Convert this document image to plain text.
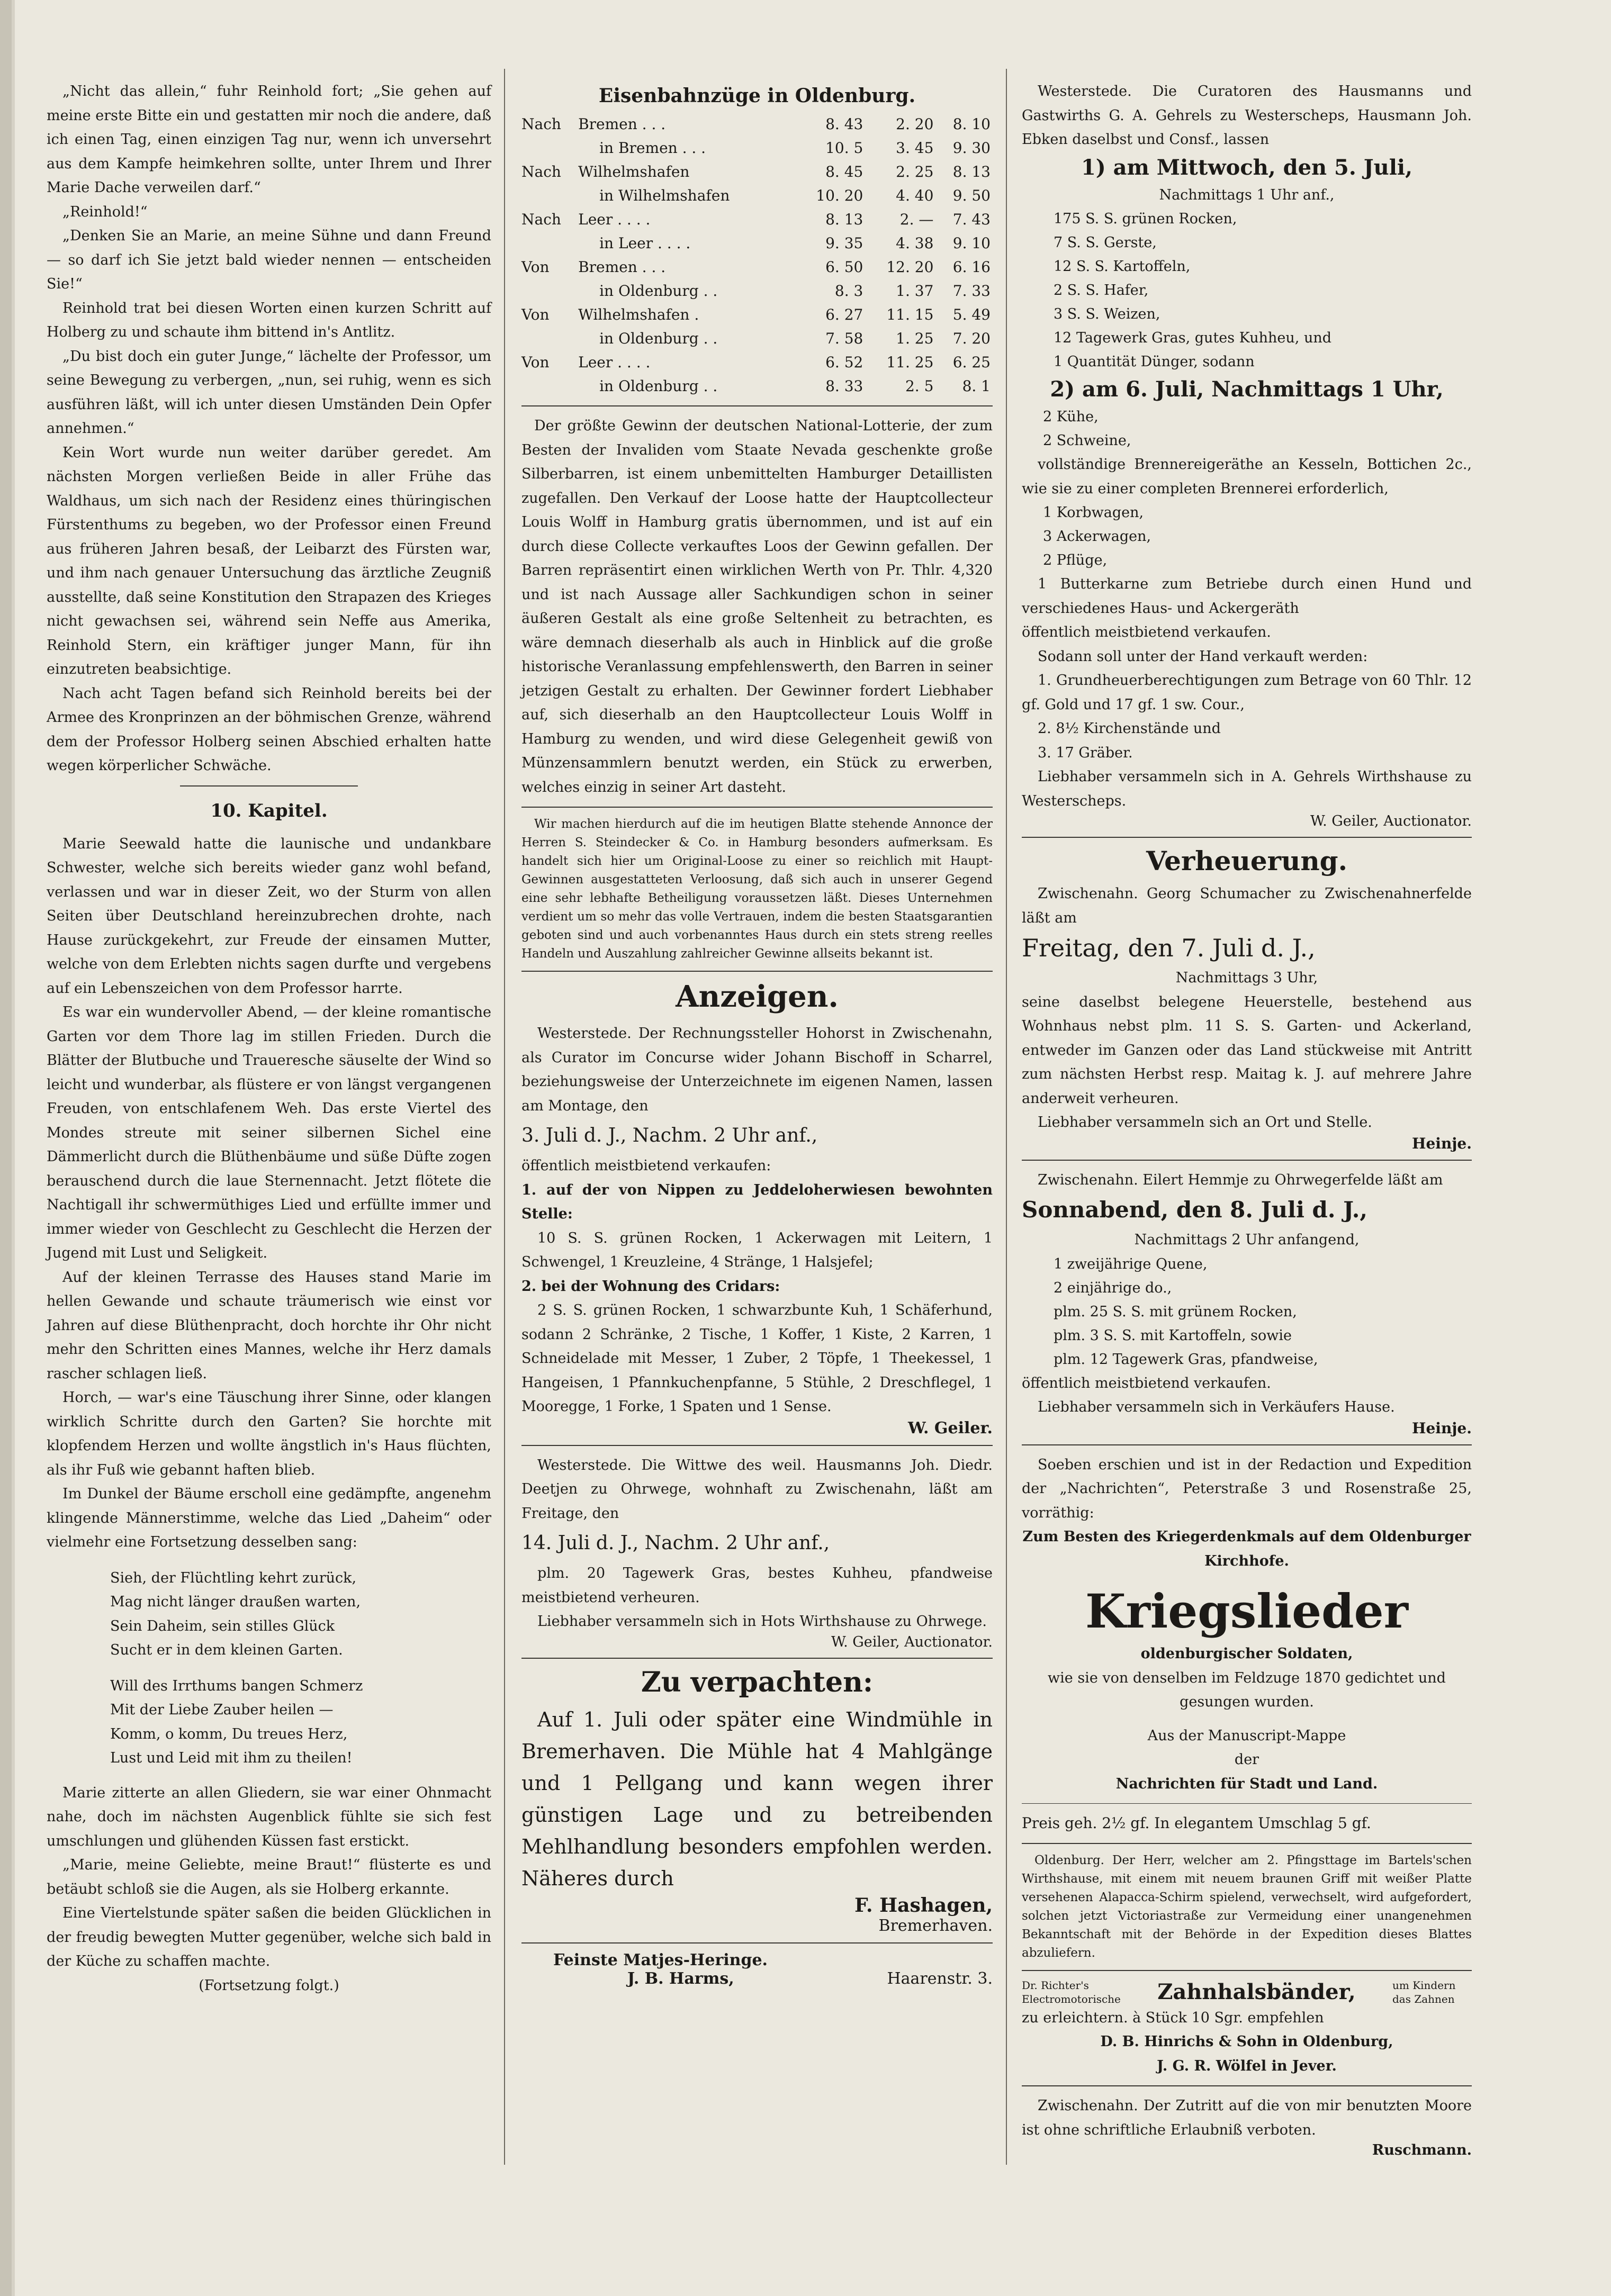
„Nicht das allein,“ fuhr Reinhold fort; „Sie gehen auf meine erste Bitte ein und gestatten mir noch die andere, daß ich einen Tag, einen einzigen Tag nur, wenn ich unversehrt aus dem Kampfe heimkehren sollte, unter Ihrem und Ihrer Marie Dache verweilen darf.“

„Reinhold!“

„Denken Sie an Marie, an meine Sühne und dann Freund — so darf ich Sie jetzt bald wieder nennen — entscheiden Sie!“

Reinhold trat bei diesen Worten einen kurzen Schritt auf Holberg zu und schaute ihm bittend in's Antlitz.

„Du bist doch ein guter Junge,“ lächelte der Professor, um seine Bewegung zu verbergen, „nun, sei ruhig, wenn es sich ausführen läßt, will ich unter diesen Umständen Dein Opfer annehmen.“

Kein Wort wurde nun weiter darüber geredet. Am nächsten Morgen verließen Beide in aller Frühe das Waldhaus, um sich nach der Residenz eines thüringischen Fürstenthums zu begeben, wo der Professor einen Freund aus früheren Jahren besaß, der Leibarzt des Fürsten war, und ihm nach genauer Untersuchung das ärztliche Zeugniß ausstellte, daß seine Konstitution den Strapazen des Krieges nicht gewachsen sei, während sein Neffe aus Amerika, Reinhold Stern, ein kräftiger junger Mann, für ihn einzutreten beabsichtige.

Nach acht Tagen befand sich Reinhold bereits bei der Armee des Kronprinzen an der böhmischen Grenze, während dem der Professor Holberg seinen Abschied erhalten hatte wegen körperlicher Schwäche.

10. Kapitel.

Marie Seewald hatte die launische und undankbare Schwester, welche sich bereits wieder ganz wohl befand, verlassen und war in dieser Zeit, wo der Sturm von allen Seiten über Deutschland hereinzubrechen drohte, nach Hause zurückgekehrt, zur Freude der einsamen Mutter, welche von dem Erlebten nichts sagen durfte und vergebens auf ein Lebenszeichen von dem Professor harrte.

Es war ein wundervoller Abend, — der kleine romantische Garten vor dem Thore lag im stillen Frieden. Durch die Blätter der Blutbuche und Traueresche säuselte der Wind so leicht und wunderbar, als flüstere er von längst vergangenen Freuden, von entschlafenem Weh. Das erste Viertel des Mondes streute mit seiner silbernen Sichel eine Dämmerlicht durch die Blüthenbäume und süße Düfte zogen berauschend durch die laue Sternennacht. Jetzt flötete die Nachtigall ihr schwermüthiges Lied und erfüllte immer und immer wieder von Geschlecht zu Geschlecht die Herzen der Jugend mit Lust und Seligkeit.

Auf der kleinen Terrasse des Hauses stand Marie im hellen Gewande und schaute träumerisch wie einst vor Jahren auf diese Blüthenpracht, doch horchte ihr Ohr nicht mehr den Schritten eines Mannes, welche ihr Herz damals rascher schlagen ließ.

Horch, — war's eine Täuschung ihrer Sinne, oder klangen wirklich Schritte durch den Garten? Sie horchte mit klopfendem Herzen und wollte ängstlich in's Haus flüchten, als ihr Fuß wie gebannt haften blieb.

Im Dunkel der Bäume erscholl eine gedämpfte, angenehm klingende Männerstimme, welche das Lied „Daheim“ oder vielmehr eine Fortsetzung desselben sang:

Sieh, der Flüchtling kehrt zurück,
Mag nicht länger draußen warten,
Sein Daheim, sein stilles Glück
Sucht er in dem kleinen Garten.
Will des Irrthums bangen Schmerz
Mit der Liebe Zauber heilen —
Komm, o komm, Du treues Herz,
Lust und Leid mit ihm zu theilen!

Marie zitterte an allen Gliedern, sie war einer Ohnmacht nahe, doch im nächsten Augenblick fühlte sie sich fest umschlungen und glühenden Küssen fast erstickt.

„Marie, meine Geliebte, meine Braut!“ flüsterte es und betäubt schloß sie die Augen, als sie Holberg erkannte.

Eine Viertelstunde später saßen die beiden Glücklichen in der freudig bewegten Mutter gegenüber, welche sich bald in der Küche zu schaffen machte.

(Fortsetzung folgt.)

Eisenbahnzüge in Oldenburg.
Nach	Bremen . . .	8. 43	2. 20	8. 10
	in Bremen . . .	10. 5	3. 45	9. 30
Nach	Wilhelmshafen	8. 45	2. 25	8. 13
	in Wilhelmshafen	10. 20	4. 40	9. 50
Nach	Leer . . . .	8. 13	2. —	7. 43
	in Leer . . . .	9. 35	4. 38	9. 10
Von	Bremen . . .	6. 50	12. 20	6. 16
	in Oldenburg . .	8. 3	1. 37	7. 33
Von	Wilhelmshafen .	6. 27	11. 15	5. 49
	in Oldenburg . .	7. 58	1. 25	7. 20
Von	Leer . . . .	6. 52	11. 25	6. 25
	in Oldenburg . .	8. 33	2. 5	8. 1

Der größte Gewinn der deutschen National-Lotterie, der zum Besten der Invaliden vom Staate Nevada geschenkte große Silberbarren, ist einem unbemittelten Hamburger Detaillisten zugefallen. Den Verkauf der Loose hatte der Hauptcollecteur Louis Wolff in Hamburg gratis übernommen, und ist auf ein durch diese Collecte verkauftes Loos der Gewinn gefallen. Der Barren repräsentirt einen wirklichen Werth von Pr. Thlr. 4,320 und ist nach Aussage aller Sachkundigen schon in seiner äußeren Gestalt als eine große Seltenheit zu betrachten, es wäre demnach dieserhalb als auch in Hinblick auf die große historische Veranlassung empfehlenswerth, den Barren in seiner jetzigen Gestalt zu erhalten. Der Gewinner fordert Liebhaber auf, sich dieserhalb an den Hauptcollecteur Louis Wolff in Hamburg zu wenden, und wird diese Gelegenheit gewiß von Münzensammlern benutzt werden, ein Stück zu erwerben, welches einzig in seiner Art dasteht.

Wir machen hierdurch auf die im heutigen Blatte stehende Annonce der Herren S. Steindecker & Co. in Hamburg besonders aufmerksam. Es handelt sich hier um Original-Loose zu einer so reichlich mit Haupt-Gewinnen ausgestatteten Verloosung, daß sich auch in unserer Gegend eine sehr lebhafte Betheiligung voraussetzen läßt. Dieses Unternehmen verdient um so mehr das volle Vertrauen, indem die besten Staatsgarantien geboten sind und auch vorbenanntes Haus durch ein stets streng reelles Handeln und Auszahlung zahlreicher Gewinne allseits bekannt ist.

Anzeigen.

Westerstede. Der Rechnungssteller Hohorst in Zwischenahn, als Curator im Concurse wider Johann Bischoff in Scharrel, beziehungsweise der Unterzeichnete im eigenen Namen, lassen am Montage, den

3. Juli d. J., Nachm. 2 Uhr anf.,

öffentlich meistbietend verkaufen:

1. auf der von Nippen zu Jeddeloherwiesen bewohnten Stelle:

10 S. S. grünen Rocken, 1 Ackerwagen mit Leitern, 1 Schwengel, 1 Kreuzleine, 4 Stränge, 1 Halsjefel;

2. bei der Wohnung des Cridars:

2 S. S. grünen Rocken, 1 schwarzbunte Kuh, 1 Schäferhund, sodann 2 Schränke, 2 Tische, 1 Koffer, 1 Kiste, 2 Karren, 1 Schneidelade mit Messer, 1 Zuber, 2 Töpfe, 1 Theekessel, 1 Hangeisen, 1 Pfannkuchenpfanne, 5 Stühle, 2 Dreschflegel, 1 Mooregge, 1 Forke, 1 Spaten und 1 Sense.

W. Geiler.

Westerstede. Die Wittwe des weil. Hausmanns Joh. Diedr. Deetjen zu Ohrwege, wohnhaft zu Zwischenahn, läßt am Freitage, den

14. Juli d. J., Nachm. 2 Uhr anf.,

plm. 20 Tagewerk Gras, bestes Kuhheu, pfandweise meistbietend verheuren.

Liebhaber versammeln sich in Hots Wirthshause zu Ohrwege.

W. Geiler, Auctionator.
Zu verpachten:

Auf 1. Juli oder später eine Windmühle in Bremerhaven. Die Mühle hat 4 Mahlgänge und 1 Pellgang und kann wegen ihrer günstigen Lage und zu betreibenden Mehlhandlung besonders empfohlen werden. Näheres durch

F. Hashagen,
Bremerhaven.
Feinste Matjes-Heringe.
J. B. Harms,	Haarenstr. 3.

Westerstede. Die Curatoren des Hausmanns und Gastwirths G. A. Gehrels zu Westerscheps, Hausmann Joh. Ebken daselbst und Consf., lassen

1) am Mittwoch, den 5. Juli,
Nachmittags 1 Uhr anf.,
175 S. S. grünen Rocken,
7 S. S. Gerste,
12 S. S. Kartoffeln,
2 S. S. Hafer,
3 S. S. Weizen,
12 Tagewerk Gras, gutes Kuhheu, und
1 Quantität Dünger, sodann
2) am 6. Juli, Nachmittags 1 Uhr,
2 Kühe,
2 Schweine,

vollständige Brennereigeräthe an Kesseln, Bottichen 2c., wie sie zu einer completen Brennerei erforderlich,

1 Korbwagen,
3 Ackerwagen,
2 Pflüge,

1 Butterkarne zum Betriebe durch einen Hund und verschiedenes Haus- und Ackergeräth

öffentlich meistbietend verkaufen.

Sodann soll unter der Hand verkauft werden:

1. Grundheuerberechtigungen zum Betrage von 60 Thlr. 12 gf. Gold und 17 gf. 1 sw. Cour.,

2. 8½ Kirchenstände und

3. 17 Gräber.

Liebhaber versammeln sich in A. Gehrels Wirthshause zu Westerscheps.

W. Geiler, Auctionator.
Verheuerung.

Zwischenahn. Georg Schumacher zu Zwischenahnerfelde läßt am

Freitag, den 7. Juli d. J.,
Nachmittags 3 Uhr,

seine daselbst belegene Heuerstelle, bestehend aus Wohnhaus nebst plm. 11 S. S. Garten- und Ackerland, entweder im Ganzen oder das Land stückweise mit Antritt zum nächsten Herbst resp. Maitag k. J. auf mehrere Jahre anderweit verheuren.

Liebhaber versammeln sich an Ort und Stelle.

Heinje.

Zwischenahn. Eilert Hemmje zu Ohrwegerfelde läßt am

Sonnabend, den 8. Juli d. J.,
Nachmittags 2 Uhr anfangend,
1 zweijährige Quene,
2 einjährige do.,
plm. 25 S. S. mit grünem Rocken,
plm. 3 S. S. mit Kartoffeln, sowie
plm. 12 Tagewerk Gras, pfandweise,

öffentlich meistbietend verkaufen.

Liebhaber versammeln sich in Verkäufers Hause.

Heinje.

Soeben erschien und ist in der Redaction und Expedition der „Nachrichten“, Peterstraße 3 und Rosenstraße 25, vorräthig:

Zum Besten des Kriegerdenkmals auf dem Oldenburger Kirchhofe.

Kriegslieder
oldenburgischer Soldaten,
wie sie von denselben im Feldzuge 1870 gedichtet und gesungen wurden.
Aus der Manuscript-Mappe
der
Nachrichten für Stadt und Land.
Preis geh. 2½ gf. In elegantem Umschlag 5 gf.

Oldenburg. Der Herr, welcher am 2. Pfingsttage im Bartels'schen Wirthshause, mit einem mit neuem braunen Griff mit weißer Platte versehenen Alapacca-Schirm spielend, verwechselt, wird aufgefordert, solchen jetzt Victoriastraße zur Vermeidung einer unangenehmen Bekanntschaft mit der Behörde in der Expedition dieses Blattes abzuliefern.

Dr. Richter's
Electromotorische Zahnhalsbänder,	um Kindern das Zahnen
zu erleichtern. à Stück 10 Sgr. empfehlen
D. B. Hinrichs & Sohn in Oldenburg,
J. G. R. Wölfel in Jever.

Zwischenahn. Der Zutritt auf die von mir benutzten Moore ist ohne schriftliche Erlaubniß verboten.

Ruschmann.
